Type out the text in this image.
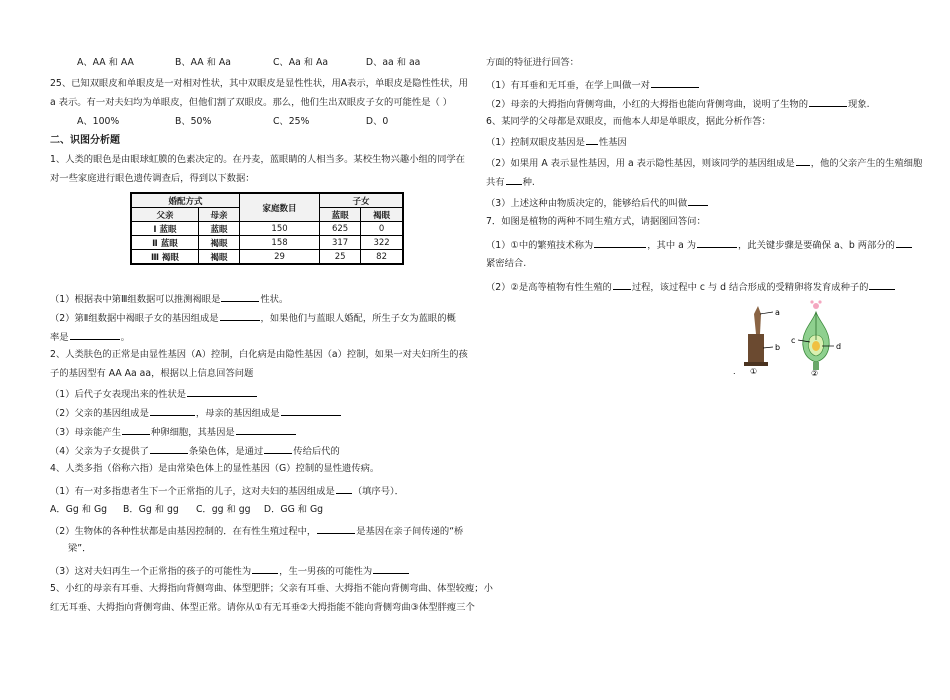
A、AA 和 AA	B、AA 和 Aa	C、Aa 和 Aa	D、aa 和 aa
25、已知双眼皮和单眼皮是一对相对性状，其中双眼皮是显性性状，用A表示，单眼皮是隐性性状，用
a 表示。有一对夫妇均为单眼皮，但他们割了双眼皮。那么，他们生出双眼皮子女的可能性是（ ）
A、100%	B、50%	C、25%	D、0
二、识图分析题
1、人类的眼色是由眼球虹膜的色素决定的。在丹麦，蓝眼睛的人相当多。某校生物兴趣小组的同学在
对一些家庭进行眼色遗传调查后，得到以下数据：
婚配方式		家庭数目	子女	
父亲	母亲		蓝眼	褐眼
Ⅰ 蓝眼	蓝眼	150	625	0
Ⅱ 蓝眼	褐眼	158	317	322
Ⅲ 褐眼	褐眼	29	25	82
（1）根据表中第Ⅲ组数据可以推测褐眼是	性状。
（2）第Ⅱ组数据中褐眼子女的基因组成是	，如果他们与蓝眼人婚配，所生子女为蓝眼的概
率是	。
2、人类肤色的正常是由显性基因（A）控制，白化病是由隐性基因（a）控制，如果一对夫妇所生的孩
子的基因型有 AA Aa aa，根据以上信息回答问题
（1）后代子女表现出来的性状是
（2）父亲的基因组成是	，母亲的基因组成是
（3）母亲能产生	种卵细胞，其基因是
（4）父亲为子女提供了	条染色体，是通过	传给后代的
4、人类多指（俗称六指）是由常染色体上的显性基因（G）控制的显性遗传病。
（1）有一对多指患者生下一个正常指的儿子，这对夫妇的基因组成是 （填序号）．
A．Gg 和 Gg B．Gg 和 gg C．gg 和 gg D．GG 和 Gg
（2）生物体的各种性状都是由基因控制的．在有性生殖过程中，	是基因在亲子间传递的“桥
梁”．
（3）这对夫妇再生一个正常指的孩子的可能性为	，生一男孩的可能性为
5、小红的母亲有耳垂、大拇指向背侧弯曲、体型肥胖；父亲有耳垂、大拇指不能向背侧弯曲、体型较瘦；小
红无耳垂、大拇指向背侧弯曲、体型正常。请你从①有无耳垂②大拇指能不能向背侧弯曲③体型胖瘦三个
方面的特征进行回答：
（1）有耳垂和无耳垂，在学上叫做一对
（2）母亲的大拇指向背侧弯曲，小红的大拇指也能向背侧弯曲，说明了生物的	现象.
6、某同学的父母都是双眼皮，而他本人却是单眼皮，据此分析作答：
（1）控制双眼皮基因是 性基因
（2）如果用 A 表示显性基因，用 a 表示隐性基因，则该同学的基因组成是 ，他的父亲产生的生殖细胞
共有 种.
（3）上述这种由物质决定的，能够给后代的叫做
7．如图是植物的两种不同生殖方式，请据图回答问：
（1）①中的繁殖技术称为	，其中 a 为	，此关键步骤是要确保 a、b 两部分的
紧密结合.
（2）②是高等植物有性生殖的 过程，该过程中 c 与 d 结合形成的受精卵将发育成种子的
a
b
①
.
c
d
②
